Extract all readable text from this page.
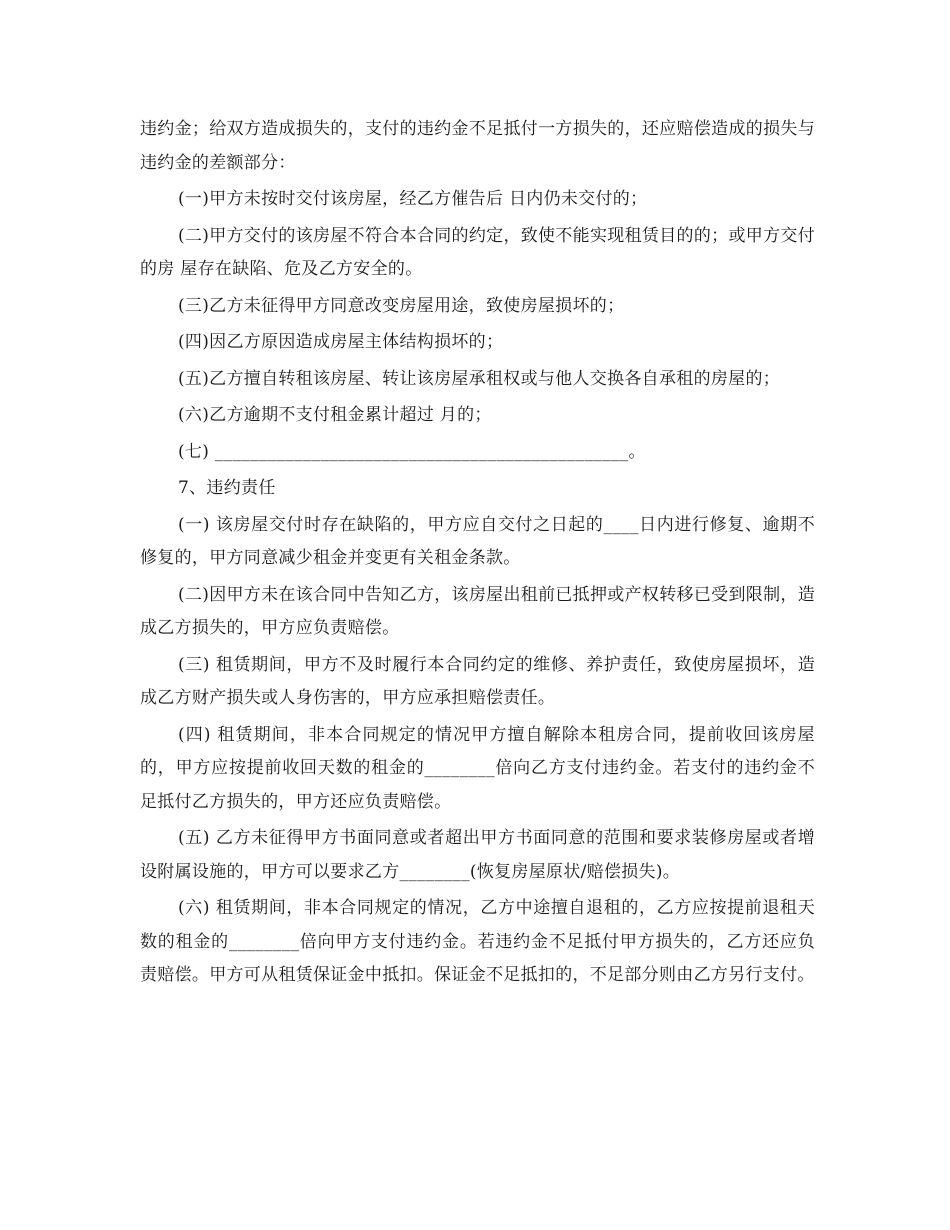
违约金；给双方造成损失的，支付的违约金不足抵付一方损失的，还应赔偿造成的损失与违约金的差额部分：

(一)甲方未按时交付该房屋，经乙方催告后 日内仍未交付的；

(二)甲方交付的该房屋不符合本合同的约定，致使不能实现租赁目的的；或甲方交付的房 屋存在缺陷、危及乙方安全的。

(三)乙方未征得甲方同意改变房屋用途，致使房屋损坏的；

(四)因乙方原因造成房屋主体结构损坏的；

(五)乙方擅自转租该房屋、转让该房屋承租权或与他人交换各自承租的房屋的；

(六)乙方逾期不支付租金累计超过 月的；

(七) _______________________________________________。

7、违约责任

(一) 该房屋交付时存在缺陷的，甲方应自交付之日起的____日内进行修复、逾期不修复的，甲方同意减少租金并变更有关租金条款。

(二)因甲方未在该合同中告知乙方，该房屋出租前已抵押或产权转移已受到限制，造成乙方损失的，甲方应负责赔偿。

(三) 租赁期间，甲方不及时履行本合同约定的维修、养护责任，致使房屋损坏，造成乙方财产损失或人身伤害的，甲方应承担赔偿责任。

(四) 租赁期间，非本合同规定的情况甲方擅自解除本租房合同，提前收回该房屋的，甲方应按提前收回天数的租金的________倍向乙方支付违约金。若支付的违约金不足抵付乙方损失的，甲方还应负责赔偿。

(五) 乙方未征得甲方书面同意或者超出甲方书面同意的范围和要求装修房屋或者增设附属设施的，甲方可以要求乙方________(恢复房屋原状/赔偿损失)。

(六) 租赁期间，非本合同规定的情况，乙方中途擅自退租的，乙方应按提前退租天数的租金的________倍向甲方支付违约金。若违约金不足抵付甲方损失的，乙方还应负责赔偿。甲方可从租赁保证金中抵扣。保证金不足抵扣的，不足部分则由乙方另行支付。
